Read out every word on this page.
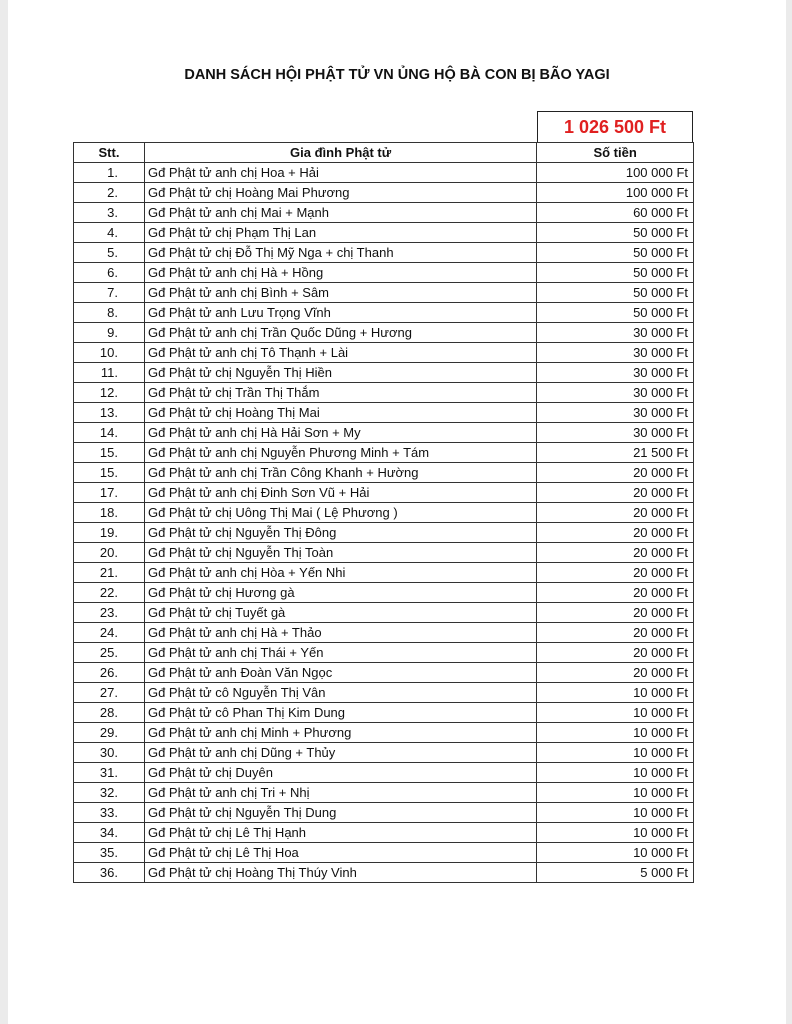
DANH SÁCH HỘI PHẬT TỬ VN ỦNG HỘ BÀ CON BỊ BÃO YAGI
1 026 500 Ft
Stt.	Gia đình Phật tử	Số tiền
1.	Gđ Phật tử anh chị Hoa + Hải	100 000 Ft
2.	Gđ Phật tử chị Hoàng Mai Phương	100 000 Ft
3.	Gđ Phật tử anh chị Mai + Mạnh	60 000 Ft
4.	Gđ Phật tử chị Phạm Thị Lan	50 000 Ft
5.	Gđ Phật tử chị Đỗ Thị Mỹ Nga + chị Thanh	50 000 Ft
6.	Gđ Phật tử anh chị Hà + Hồng	50 000 Ft
7.	Gđ Phật tử anh chị Bình + Sâm	50 000 Ft
8.	Gđ Phật tử anh Lưu Trọng Vĩnh	50 000 Ft
9.	Gđ Phật tử anh chị Trần Quốc Dũng + Hương	30 000 Ft
10.	Gđ Phật tử anh chị Tô Thạnh + Lài	30 000 Ft
11.	Gđ Phật tử chị Nguyễn Thị Hiền	30 000 Ft
12.	Gđ Phật tử chị Trần Thị Thắm	30 000 Ft
13.	Gđ Phật tử chị Hoàng Thị Mai	30 000 Ft
14.	Gđ Phật tử anh chị Hà Hải Sơn + My	30 000 Ft
15.	Gđ Phật tử anh chị Nguyễn Phương Minh + Tám	21 500 Ft
15.	Gđ Phật tử anh chị Trần Công Khanh + Hường	20 000 Ft
17.	Gđ Phật tử anh chị Đinh Sơn Vũ + Hải	20 000 Ft
18.	Gđ Phật tử chị Uông Thị Mai ( Lệ Phương )	20 000 Ft
19.	Gđ Phật tử chị Nguyễn Thị Đông	20 000 Ft
20.	Gđ Phật tử chị Nguyễn Thị Toàn	20 000 Ft
21.	Gđ Phật tử anh chị Hòa + Yến Nhi	20 000 Ft
22.	Gđ Phật tử chị Hương gà	20 000 Ft
23.	Gđ Phật tử chị Tuyết gà	20 000 Ft
24.	Gđ Phật tử anh chị Hà + Thảo	20 000 Ft
25.	Gđ Phật tử anh chị Thái + Yến	20 000 Ft
26.	Gđ Phật tử anh Đoàn Văn Ngọc	20 000 Ft
27.	Gđ Phật tử cô Nguyễn Thị Vân	10 000 Ft
28.	Gđ Phật tử cô Phan Thị Kim Dung	10 000 Ft
29.	Gđ Phật tử anh chị Minh + Phương	10 000 Ft
30.	Gđ Phật tử anh chị Dũng + Thủy	10 000 Ft
31.	Gđ Phật tử chị Duyên	10 000 Ft
32.	Gđ Phật tử anh chị Tri + Nhị	10 000 Ft
33.	Gđ Phật tử chị Nguyễn Thị Dung	10 000 Ft
34.	Gđ Phật tử chị Lê Thị Hạnh	10 000 Ft
35.	Gđ Phật tử chị Lê Thị Hoa	10 000 Ft
36.	Gđ Phật tử chị Hoàng Thị Thúy Vinh	5 000 Ft
